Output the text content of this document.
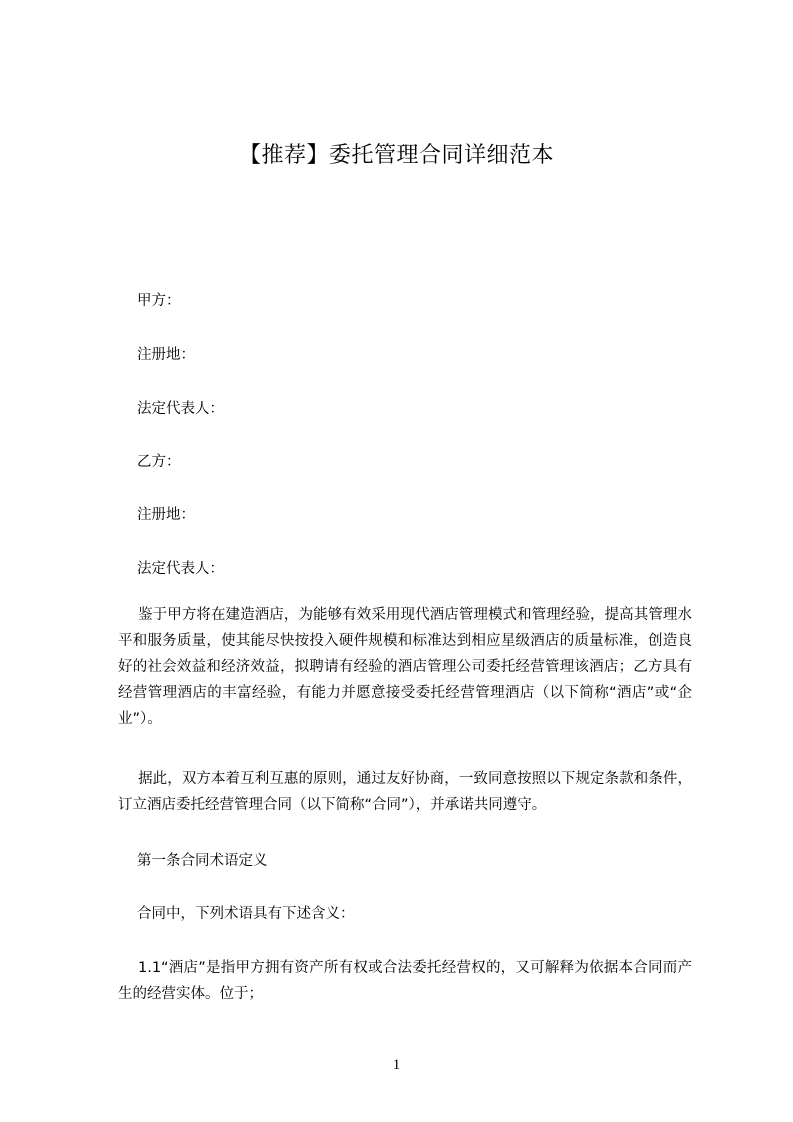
【推荐】委托管理合同详细范本
甲方：
注册地：
法定代表人：
乙方：
注册地：
法定代表人：
鉴于甲方将在建造酒店，为能够有效采用现代酒店管理模式和管理经验，提高其管理水平和服务质量，使其能尽快按投入硬件规模和标准达到相应星级酒店的质量标准，创造良好的社会效益和经济效益，拟聘请有经验的酒店管理公司委托经营管理该酒店；乙方具有经营管理酒店的丰富经验，有能力并愿意接受委托经营管理酒店（以下简称“酒店”或“企业”）。
据此，双方本着互利互惠的原则，通过友好协商，一致同意按照以下规定条款和条件，订立酒店委托经营管理合同（以下简称“合同”），并承诺共同遵守。
第一条合同术语定义
合同中，下列术语具有下述含义：
1.1“酒店”是指甲方拥有资产所有权或合法委托经营权的，又可解释为依据本合同而产生的经营实体。位于；
1
